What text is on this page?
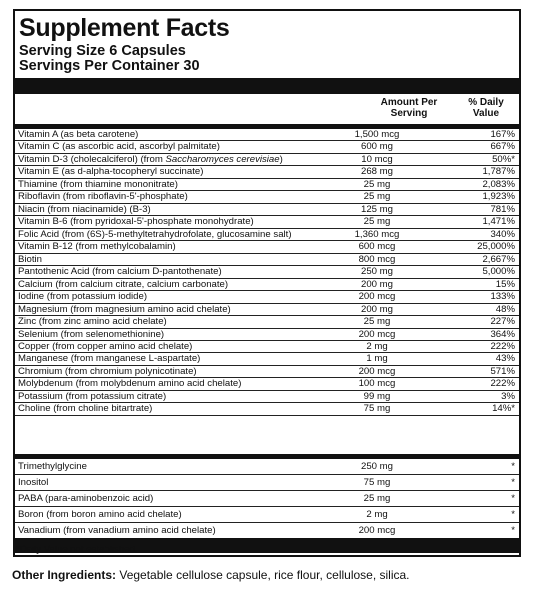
Supplement Facts
Serving Size 6 Capsules
Servings Per Container 30
Amount Per
Serving
% Daily
Value
Vitamin A (as beta carotene)	1,500 mcg	167%
Vitamin C (as ascorbic acid, ascorbyl palmitate)	600 mg	667%
Vitamin D-3 (cholecalciferol) (from Saccharomyces cerevisiae)	10 mcg	50%*
Vitamin E (as d-alpha-tocopheryl succinate)	268 mg	1,787%
Thiamine (from thiamine mononitrate)	25 mg	2,083%
Riboflavin (from riboflavin-5'-phosphate)	25 mg	1,923%
Niacin (from niacinamide) (B-3)	125 mg	781%
Vitamin B-6 (from pyridoxal-5'-phosphate monohydrate)	25 mg	1,471%
Folic Acid (from (6S)-5-methyltetrahydrofolate, glucosamine salt)	1,360 mcg	340%
Vitamin B-12 (from methylcobalamin)	600 mcg	25,000%
Biotin	800 mcg	2,667%
Pantothenic Acid (from calcium D-pantothenate)	250 mg	5,000%
Calcium (from calcium citrate, calcium carbonate)	200 mg	15%
Iodine (from potassium iodide)	200 mcg	133%
Magnesium (from magnesium amino acid chelate)	200 mg	48%
Zinc (from zinc amino acid chelate)	25 mg	227%
Selenium (from selenomethionine)	200 mcg	364%
Copper (from copper amino acid chelate)	2 mg	222%
Manganese (from manganese L-aspartate)	1 mg	43%
Chromium (from chromium polynicotinate)	200 mcg	571%
Molybdenum (from molybdenum amino acid chelate)	100 mcg	222%
Potassium (from potassium citrate)	99 mg	3%
Choline (from choline bitartrate)	75 mg	14%*
Trimethylglycine	250 mg	*
Inositol	75 mg	*
PABA (para-aminobenzoic acid)	25 mg	*
Boron (from boron amino acid chelate)	2 mg	*
Vanadium (from vanadium amino acid chelate)	200 mcg	*
*Daily Value not established.
Other Ingredients: Vegetable cellulose capsule, rice flour, cellulose, silica.
